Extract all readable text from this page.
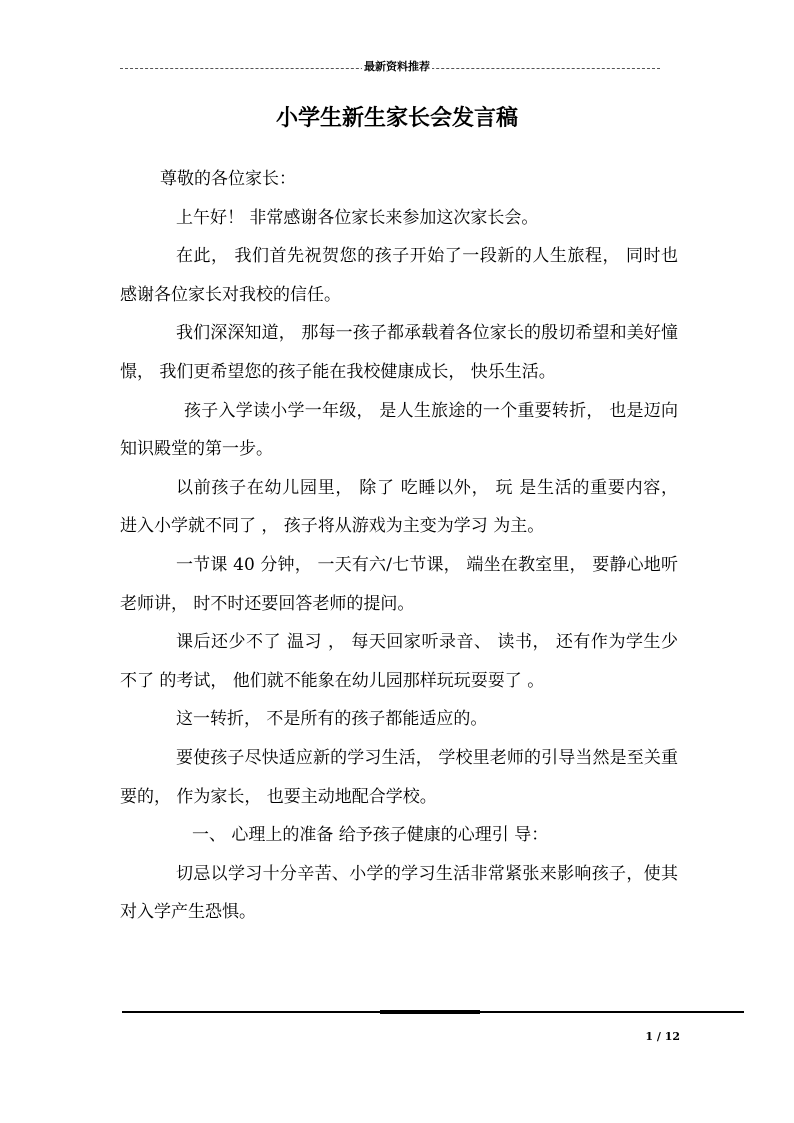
最新资料推荐
小学生新生家长会发言稿

尊敬的各位家长：

上午好！ 非常感谢各位家长来参加这次家长会。

在此， 我们首先祝贺您的孩子开始了一段新的人生旅程， 同时也感谢各位家长对我校的信任。

我们深深知道， 那每一孩子都承载着各位家长的殷切希望和美好憧憬， 我们更希望您的孩子能在我校健康成长， 快乐生活。

孩子入学读小学一年级， 是人生旅途的一个重要转折， 也是迈向知识殿堂的第一步。

以前孩子在幼儿园里， 除了 吃睡以外， 玩 是生活的重要内容， 进入小学就不同了 ， 孩子将从游戏为主变为学习 为主。

一节课 40 分钟， 一天有六/七节课， 端坐在教室里， 要静心地听老师讲， 时不时还要回答老师的提问。

课后还少不了 温习 ， 每天回家听录音、 读书， 还有作为学生少不了 的考试， 他们就不能象在幼儿园那样玩玩耍耍了 。

这一转折， 不是所有的孩子都能适应的。

要使孩子尽快适应新的学习生活， 学校里老师的引导当然是至关重要的， 作为家长， 也要主动地配合学校。

一、 心理上的准备 给予孩子健康的心理引 导：

切忌以学习十分辛苦、小学的学习生活非常紧张来影响孩子，使其对入学产生恐惧。

1 / 12
